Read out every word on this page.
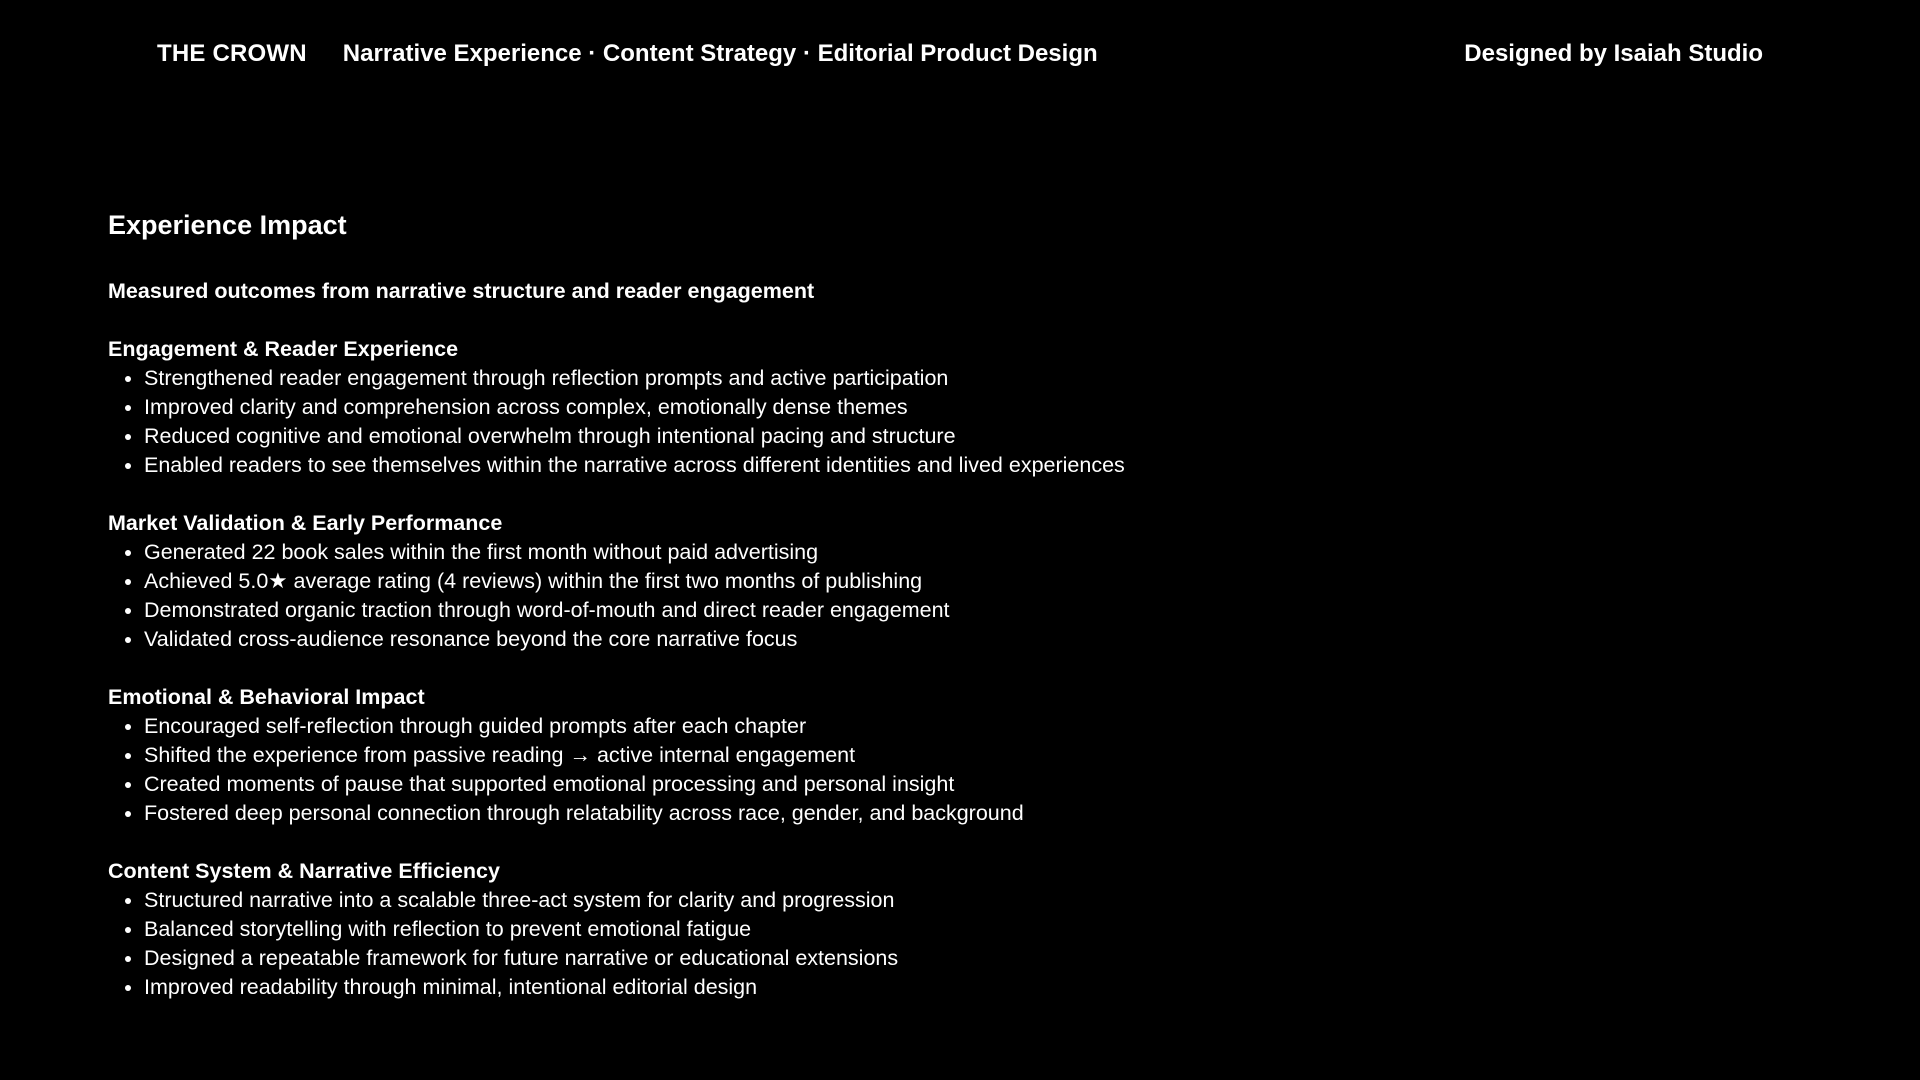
THE CROWN Narrative Experience · Content Strategy · Editorial Product Design	Designed by Isaiah Studio
Experience Impact
Measured outcomes from narrative structure and reader engagement
Engagement & Reader Experience
• Strengthened reader engagement through reflection prompts and active participation
• Improved clarity and comprehension across complex, emotionally dense themes
• Reduced cognitive and emotional overwhelm through intentional pacing and structure
• Enabled readers to see themselves within the narrative across different identities and lived experiences
Market Validation & Early Performance
• Generated 22 book sales within the first month without paid advertising
• Achieved 5.0★ average rating (4 reviews) within the first two months of publishing
• Demonstrated organic traction through word-of-mouth and direct reader engagement
• Validated cross-audience resonance beyond the core narrative focus
Emotional & Behavioral Impact
• Encouraged self-reflection through guided prompts after each chapter
• Shifted the experience from passive reading → active internal engagement
• Created moments of pause that supported emotional processing and personal insight
• Fostered deep personal connection through relatability across race, gender, and background
Content System & Narrative Efficiency
• Structured narrative into a scalable three-act system for clarity and progression
• Balanced storytelling with reflection to prevent emotional fatigue
• Designed a repeatable framework for future narrative or educational extensions
• Improved readability through minimal, intentional editorial design
